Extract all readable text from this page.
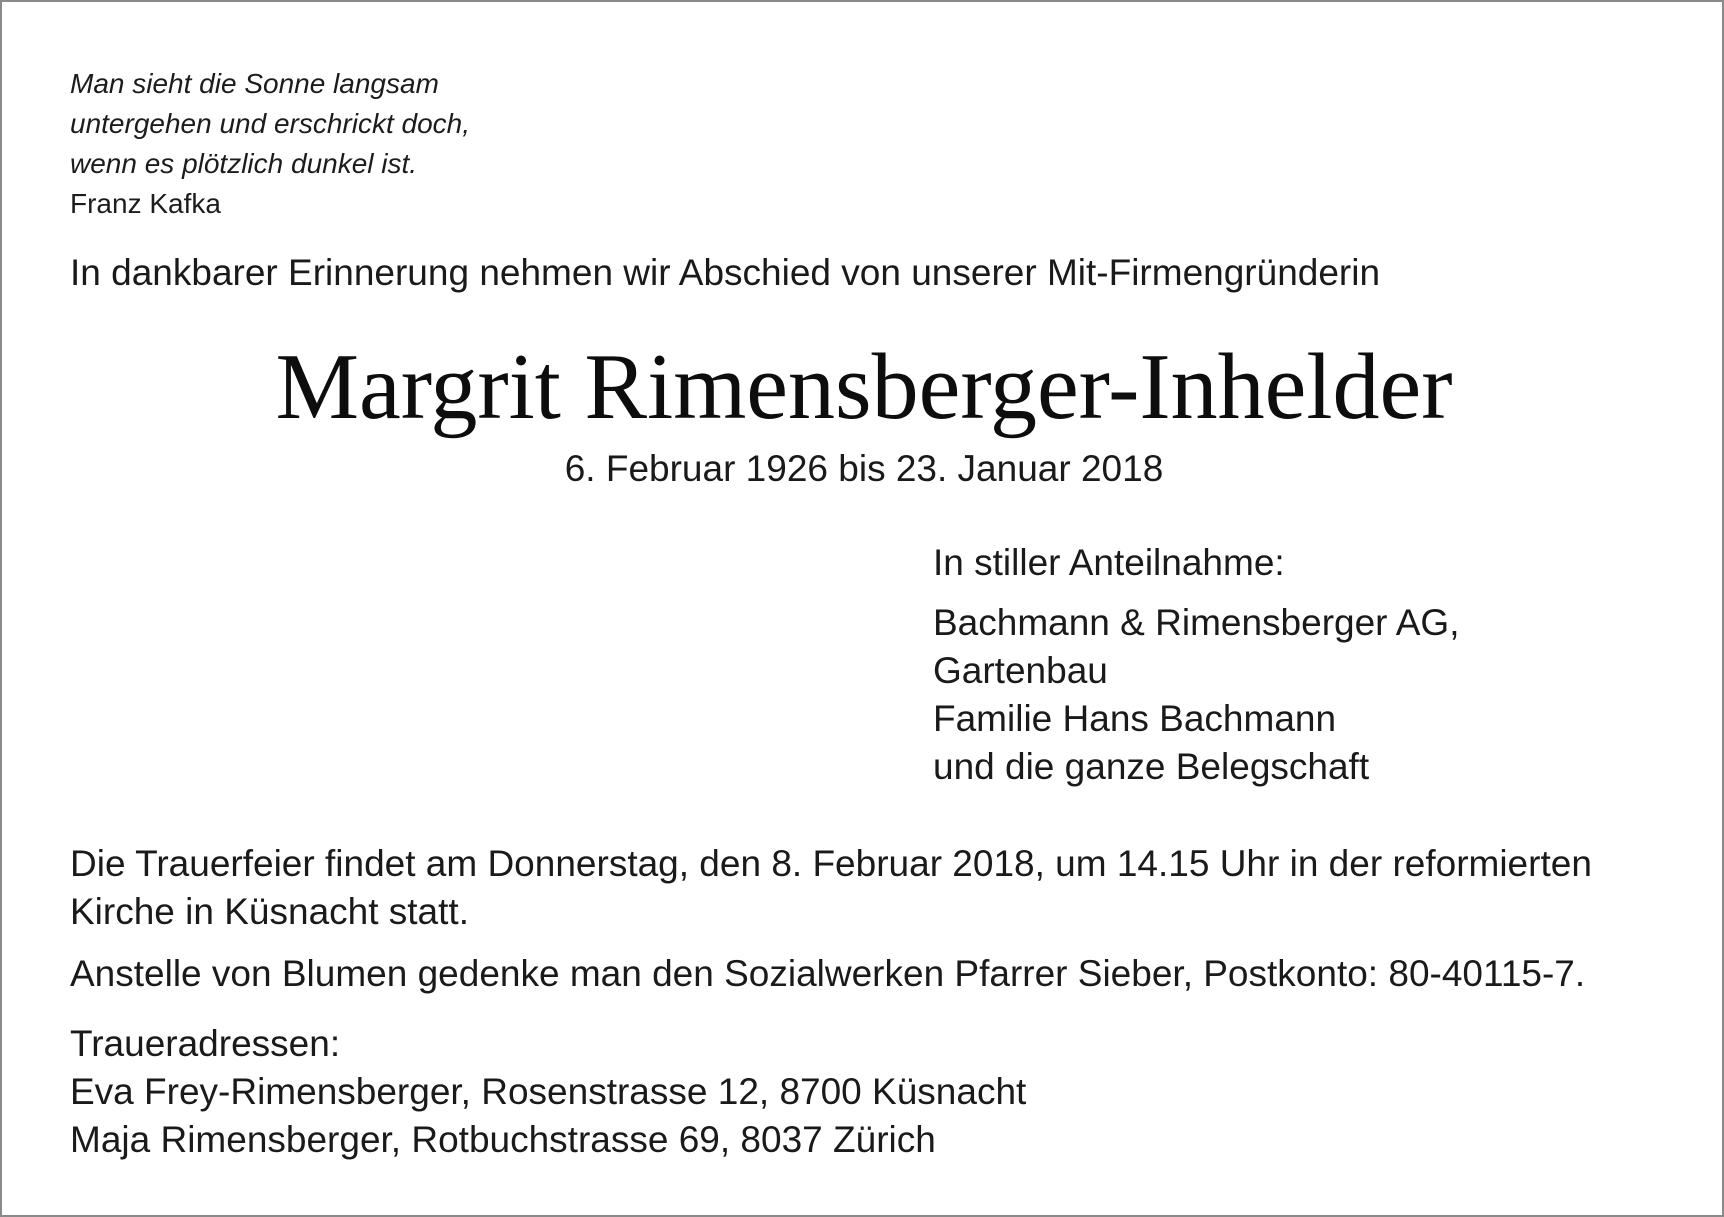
Man sieht die Sonne langsam
untergehen und erschrickt doch,
wenn es plötzlich dunkel ist.
Franz Kafka
In dankbarer Erinnerung nehmen wir Abschied von unserer Mit-Firmengründerin
Margrit Rimensberger-Inhelder
6. Februar 1926 bis 23. Januar 2018
In stiller Anteilnahme:
Bachmann & Rimensberger AG,
Gartenbau
Familie Hans Bachmann
und die ganze Belegschaft
Die Trauerfeier findet am Donnerstag, den 8. Februar 2018, um 14.15 Uhr in der reformierten
Kirche in Küsnacht statt.
Anstelle von Blumen gedenke man den Sozialwerken Pfarrer Sieber, Postkonto: 80-40115-7.
Traueradressen:
Eva Frey-Rimensberger, Rosenstrasse 12, 8700 Küsnacht
Maja Rimensberger, Rotbuchstrasse 69, 8037 Zürich
